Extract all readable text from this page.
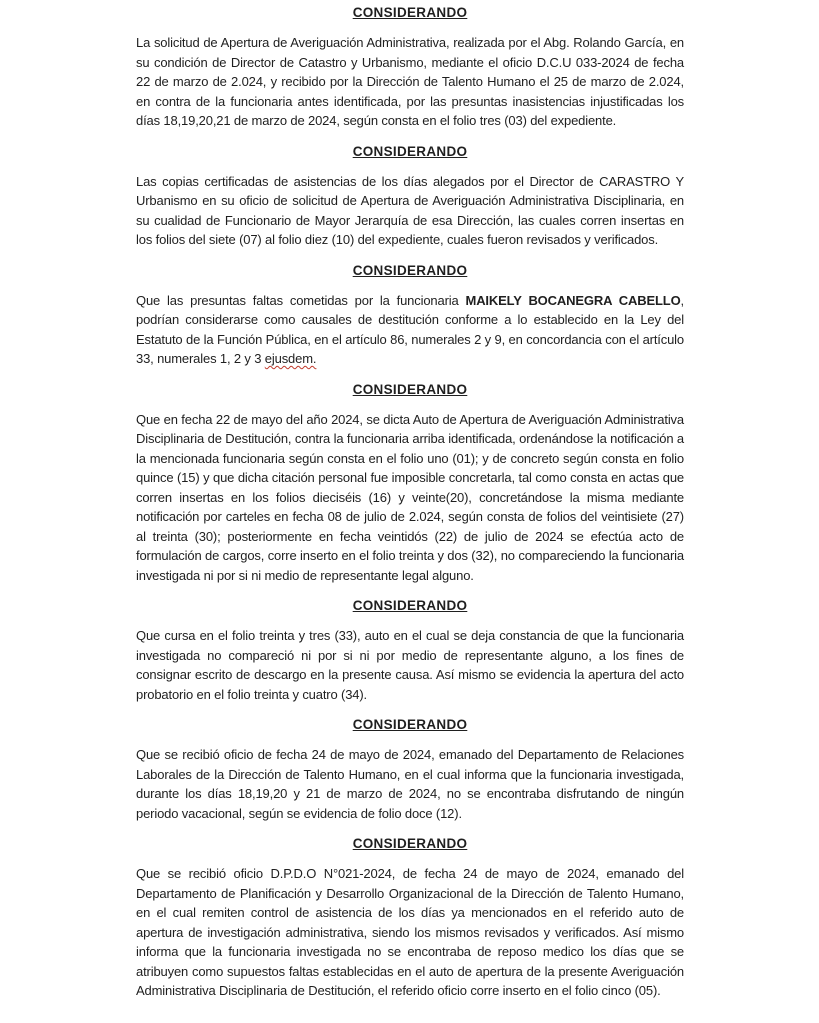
CONSIDERANDO

La solicitud de Apertura de Averiguación Administrativa, realizada por el Abg. Rolando García, en su condición de Director de Catastro y Urbanismo, mediante el oficio D.C.U 033-2024 de fecha 22 de marzo de 2.024, y recibido por la Dirección de Talento Humano el 25 de marzo de 2.024, en contra de la funcionaria antes identificada, por las presuntas inasistencias injustificadas los días 18,19,20,21 de marzo de 2024, según consta en el folio tres (03) del expediente.

CONSIDERANDO

Las copias certificadas de asistencias de los días alegados por el Director de CARASTRO Y Urbanismo en su oficio de solicitud de Apertura de Averiguación Administrativa Disciplinaria, en su cualidad de Funcionario de Mayor Jerarquía de esa Dirección, las cuales corren insertas en los folios del siete (07) al folio diez (10) del expediente, cuales fueron revisados y verificados.

CONSIDERANDO

Que las presuntas faltas cometidas por la funcionaria MAIKELY BOCANEGRA CABELLO, podrían considerarse como causales de destitución conforme a lo establecido en la Ley del Estatuto de la Función Pública, en el artículo 86, numerales 2 y 9, en concordancia con el artículo 33, numerales 1, 2 y 3 ejusdem.

CONSIDERANDO

Que en fecha 22 de mayo del año 2024, se dicta Auto de Apertura de Averiguación Administrativa Disciplinaria de Destitución, contra la funcionaria arriba identificada, ordenándose la notificación a la mencionada funcionaria según consta en el folio uno (01); y de concreto según consta en folio quince (15) y que dicha citación personal fue imposible concretarla, tal como consta en actas que corren insertas en los folios dieciséis (16) y veinte(20), concretándose la misma mediante notificación por carteles en fecha 08 de julio de 2.024, según consta de folios del veintisiete (27) al treinta (30); posteriormente en fecha veintidós (22) de julio de 2024 se efectúa acto de formulación de cargos, corre inserto en el folio treinta y dos (32), no compareciendo la funcionaria investigada ni por si ni medio de representante legal alguno.

CONSIDERANDO

Que cursa en el folio treinta y tres (33), auto en el cual se deja constancia de que la funcionaria investigada no compareció ni por si ni por medio de representante alguno, a los fines de consignar escrito de descargo en la presente causa. Así mismo se evidencia la apertura del acto probatorio en el folio treinta y cuatro (34).

CONSIDERANDO

Que se recibió oficio de fecha 24 de mayo de 2024, emanado del Departamento de Relaciones Laborales de la Dirección de Talento Humano, en el cual informa que la funcionaria investigada, durante los días 18,19,20 y 21 de marzo de 2024, no se encontraba disfrutando de ningún periodo vacacional, según se evidencia de folio doce (12).

CONSIDERANDO

Que se recibió oficio D.P.D.O N°021-2024, de fecha 24 de mayo de 2024, emanado del Departamento de Planificación y Desarrollo Organizacional de la Dirección de Talento Humano, en el cual remiten control de asistencia de los días ya mencionados en el referido auto de apertura de investigación administrativa, siendo los mismos revisados y verificados. Así mismo informa que la funcionaria investigada no se encontraba de reposo medico los días que se atribuyen como supuestos faltas establecidas en el auto de apertura de la presente Averiguación Administrativa Disciplinaria de Destitución, el referido oficio corre inserto en el folio cinco (05).
